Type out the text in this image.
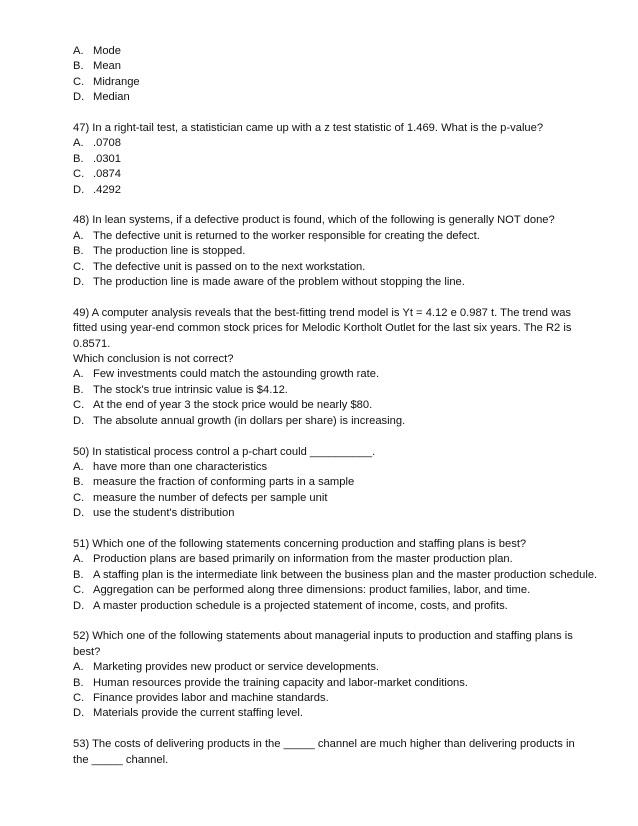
A. Mode
B. Mean
C. Midrange
D. Median
47) In a right-tail test, a statistician came up with a z test statistic of 1.469. What is the p-value?
A. .0708
B. .0301
C. .0874
D. .4292
48) In lean systems, if a defective product is found, which of the following is generally NOT done?
A. The defective unit is returned to the worker responsible for creating the defect.
B. The production line is stopped.
C. The defective unit is passed on to the next workstation.
D. The production line is made aware of the problem without stopping the line.
49) A computer analysis reveals that the best-fitting trend model is Yt = 4.12 e 0.987 t. The trend was
fitted using year-end common stock prices for Melodic Kortholt Outlet for the last six years. The R2 is
0.8571.
Which conclusion is not correct?
A. Few investments could match the astounding growth rate.
B. The stock's true intrinsic value is $4.12.
C. At the end of year 3 the stock price would be nearly $80.
D. The absolute annual growth (in dollars per share) is increasing.
50) In statistical process control a p-chart could __________.
A. have more than one characteristics
B. measure the fraction of conforming parts in a sample
C. measure the number of defects per sample unit
D. use the student's distribution
51) Which one of the following statements concerning production and staffing plans is best?
A. Production plans are based primarily on information from the master production plan.
B. A staffing plan is the intermediate link between the business plan and the master production schedule.
C. Aggregation can be performed along three dimensions: product families, labor, and time.
D. A master production schedule is a projected statement of income, costs, and profits.
52) Which one of the following statements about managerial inputs to production and staffing plans is
best?
A. Marketing provides new product or service developments.
B. Human resources provide the training capacity and labor-market conditions.
C. Finance provides labor and machine standards.
D. Materials provide the current staffing level.
53) The costs of delivering products in the _____ channel are much higher than delivering products in
the _____ channel.
